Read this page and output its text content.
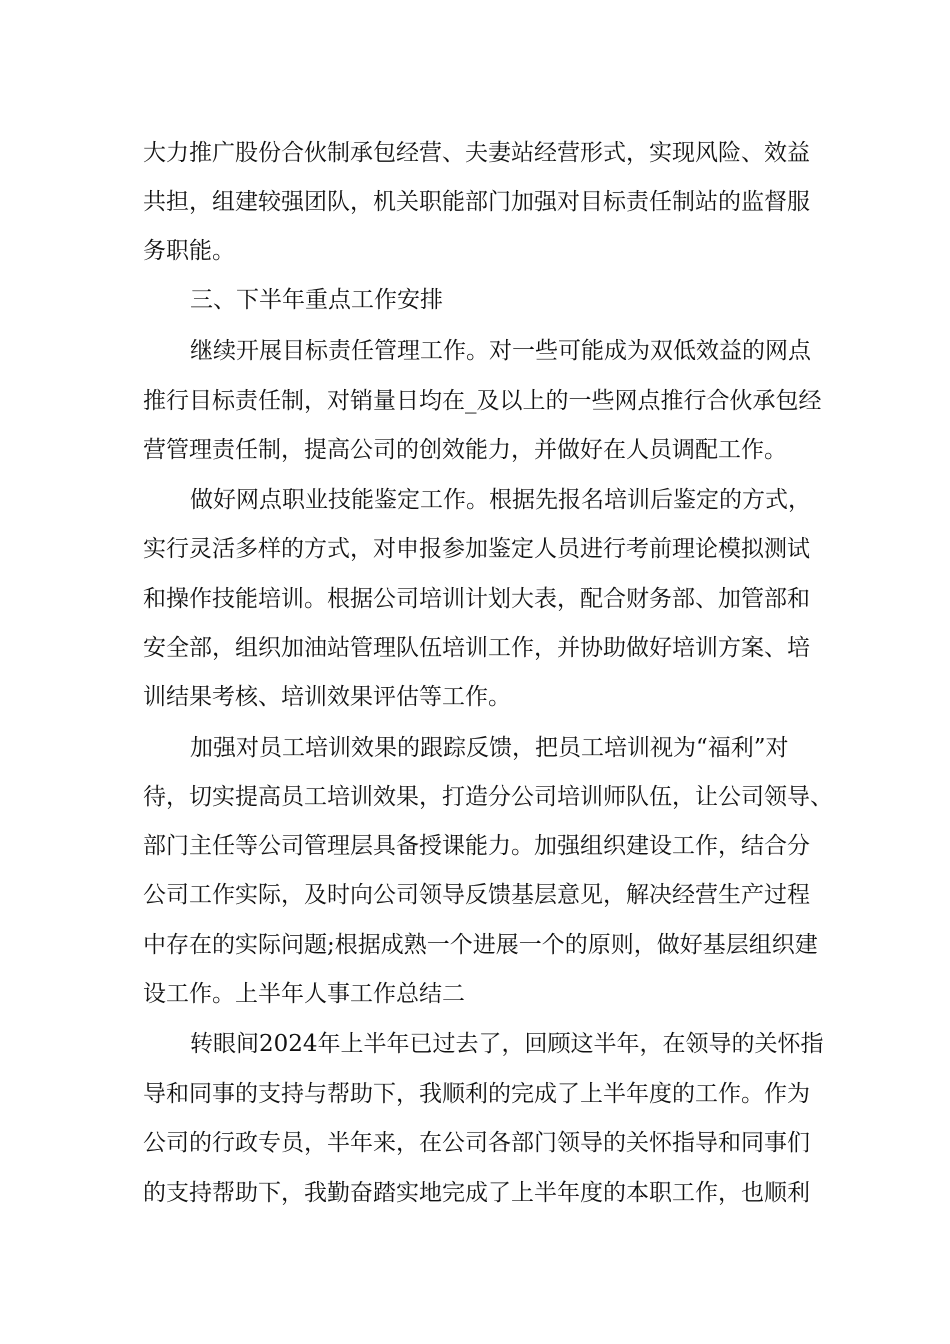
大力推广股份合伙制承包经营、夫妻站经营形式，实现风险、效益

共担，组建较强团队，机关职能部门加强对目标责任制站的监督服

务职能。

三、下半年重点工作安排

继续开展目标责任管理工作。对一些可能成为双低效益的网点

推行目标责任制，对销量日均在_及以上的一些网点推行合伙承包经

营管理责任制，提高公司的创效能力，并做好在人员调配工作。

做好网点职业技能鉴定工作。根据先报名培训后鉴定的方式，

实行灵活多样的方式，对申报参加鉴定人员进行考前理论模拟测试

和操作技能培训。根据公司培训计划大表，配合财务部、加管部和

安全部，组织加油站管理队伍培训工作，并协助做好培训方案、培

训结果考核、培训效果评估等工作。

加强对员工培训效果的跟踪反馈，把员工培训视为“福利”对

待，切实提高员工培训效果，打造分公司培训师队伍，让公司领导、

部门主任等公司管理层具备授课能力。加强组织建设工作，结合分

公司工作实际，及时向公司领导反馈基层意见，解决经营生产过程

中存在的实际问题;根据成熟一个进展一个的原则，做好基层组织建

设工作。上半年人事工作总结二

转眼间2024年上半年已过去了，回顾这半年，在领导的关怀指

导和同事的支持与帮助下，我顺利的完成了上半年度的工作。作为

公司的行政专员，半年来，在公司各部门领导的关怀指导和同事们

的支持帮助下，我勤奋踏实地完成了上半年度的本职工作，也顺利
